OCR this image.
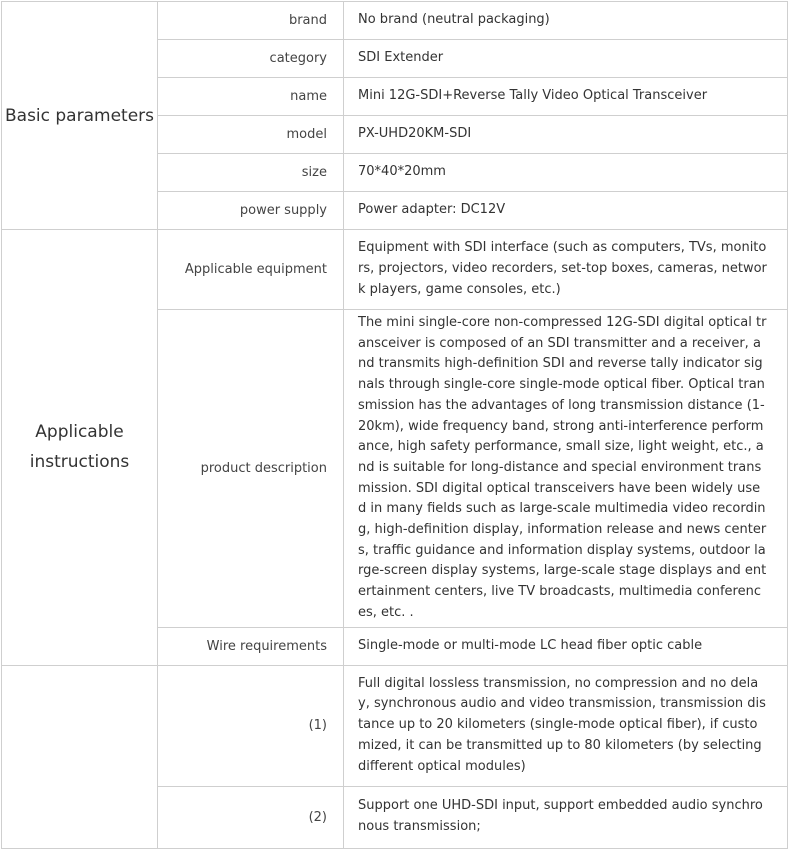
Basic parameters	brand	No brand (neutral packaging)
	category	SDI Extender
	name	Mini 12G-SDI+Reverse Tally Video Optical Transceiver
	model	PX-UHD20KM-SDI
	size	70*40*20mm
	power supply	Power adapter: DC12V
Applicable instructions	Applicable equipment	Equipment with SDI interface (such as computers, TVs, monitors, projectors, video recorders, set-top boxes, cameras, network players, game consoles, etc.)
	product description	The mini single-core non-compressed 12G-SDI digital optical transceiver is composed of an SDI transmitter and a receiver, and transmits high-definition SDI and reverse tally indicator signals through single-core single-mode optical fiber. Optical transmission has the advantages of long transmission distance (1-20km), wide frequency band, strong anti-interference performance, high safety performance, small size, light weight, etc., and is suitable for long-distance and special environment transmission. SDI digital optical transceivers have been widely used in many fields such as large-scale multimedia video recording, high-definition display, information release and news centers, traffic guidance and information display systems, outdoor large-screen display systems, large-scale stage displays and entertainment centers, live TV broadcasts, multimedia conferences, etc. .
	Wire requirements	Single-mode or multi-mode LC head fiber optic cable
	(1)	Full digital lossless transmission, no compression and no delay, synchronous audio and video transmission, transmission distance up to 20 kilometers (single-mode optical fiber), if customized, it can be transmitted up to 80 kilometers (by selecting different optical modules)
	(2)	Support one UHD-SDI input, support embedded audio synchronous transmission;
